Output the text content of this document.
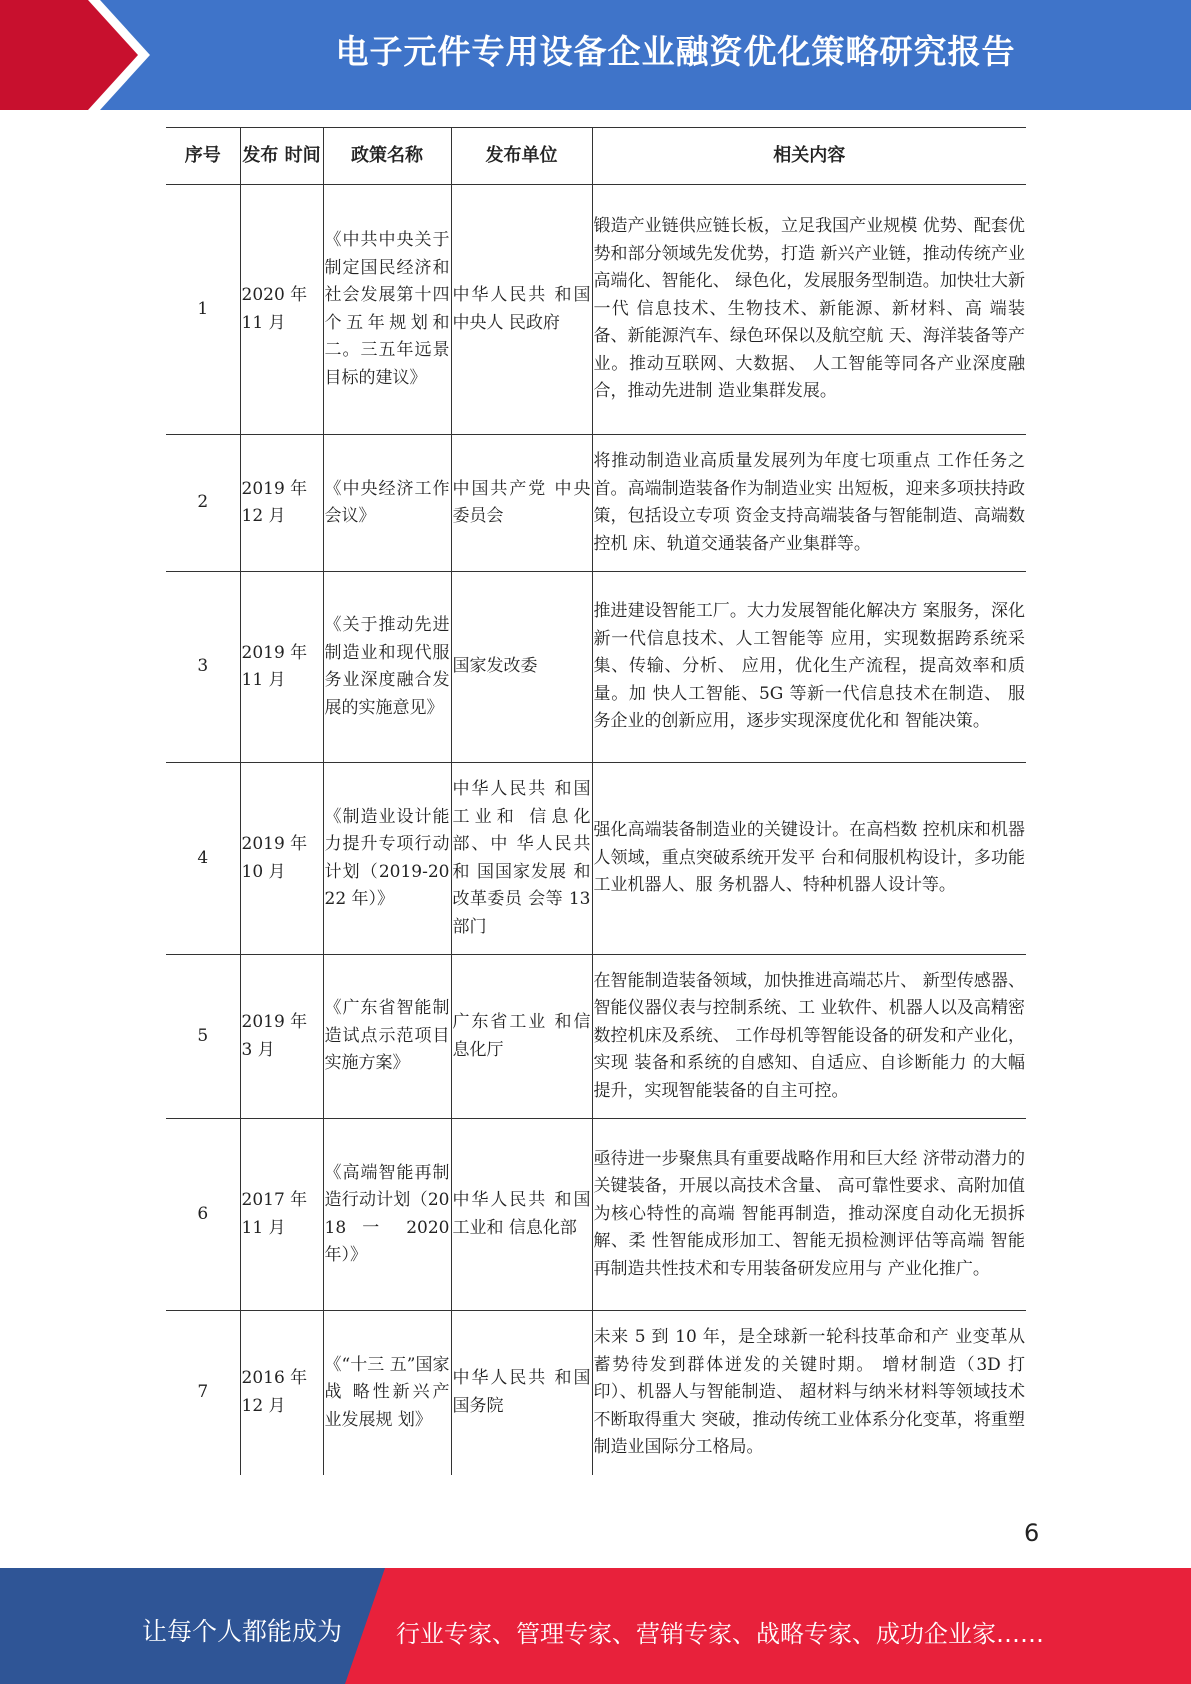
电子元件专用设备企业融资优化策略研究报告
序号	发布 时间	政策名称	发布单位	相关内容
1	2020 年 11 月	《中共中央关于制定国民经济和社会发展第十四个五年规划和二。三五年远景目标的建议》	中华人民共 和国中央人 民政府	锻造产业链供应链长板，立足我国产业规模 优势、配套优势和部分领域先发优势，打造 新兴产业链，推动传统产业高端化、智能化、 绿色化，发展服务型制造。加快壮大新一代 信息技术、生物技术、新能源、新材料、高 端装备、新能源汽车、绿色环保以及航空航 天、海洋装备等产业。推动互联网、大数据、 人工智能等同各产业深度融合，推动先进制 造业集群发展。
2	2019 年 12 月	《中央经济工作会议》	中国共产党 中央委员会	将推动制造业高质量发展列为年度七项重点 工作任务之首。高端制造装备作为制造业实 出短板，迎来多项扶持政策，包括设立专项 资金支持高端装备与智能制造、高端数控机 床、轨道交通装备产业集群等。
3	2019 年 11 月	《关于推动先进制造业和现代服务业深度融合发展的实施意见》	国家发改委	推进建设智能工厂。大力发展智能化解决方 案服务，深化新一代信息技术、人工智能等 应用，实现数据跨系统采集、传输、分析、 应用，优化生产流程，提高效率和质量。加 快人工智能、5G 等新一代信息技术在制造、 服务企业的创新应用，逐步实现深度优化和 智能决策。
4	2019 年 10 月	《制造业设计能力提升专项行动计划（2019-2022 年）》	中华人民共 和国工业和 信息化部、中 华人民共和 国国家发展 和改革委员 会等 13 部门	强化高端装备制造业的关键设计。在高档数 控机床和机器人领域，重点突破系统开发平 台和伺服机构设计，多功能工业机器人、服 务机器人、特种机器人设计等。
5	2019 年 3 月	《广东省智能制造试点示范项目实施方案》	广东省工业 和信息化厅	在智能制造装备领域，加快推进高端芯片、 新型传感器、智能仪器仪表与控制系统、工 业软件、机器人以及高精密数控机床及系统、 工作母机等智能设备的研发和产业化，实现 装备和系统的自感知、自适应、自诊断能力 的大幅提升，实现智能装备的自主可控。
6	2017 年 11 月	《高端智能再制造行动计划（2018 一 2020 年）》	中华人民共 和国工业和 信息化部	亟待进一步聚焦具有重要战略作用和巨大经 济带动潜力的关键装备，开展以高技术含量、 高可靠性要求、高附加值为核心特性的高端 智能再制造，推动深度自动化无损拆解、柔 性智能成形加工、智能无损检测评估等高端 智能再制造共性技术和专用装备研发应用与 产业化推广。
7	2016 年 12 月	《“十三 五”国家战 略性新兴产 业发展规 划》	中华人民共 和国国务院	未来 5 到 10 年，是全球新一轮科技革命和产 业变革从蓄势待发到群体迸发的关键时期。 增材制造（3D 打印）、机器人与智能制造、 超材料与纳米材料等领域技术不断取得重大 突破，推动传统工业体系分化变革，将重塑 制造业国际分工格局。
6
让每个人都能成为 行业专家、管理专家、营销专家、战略专家、成功企业家……
